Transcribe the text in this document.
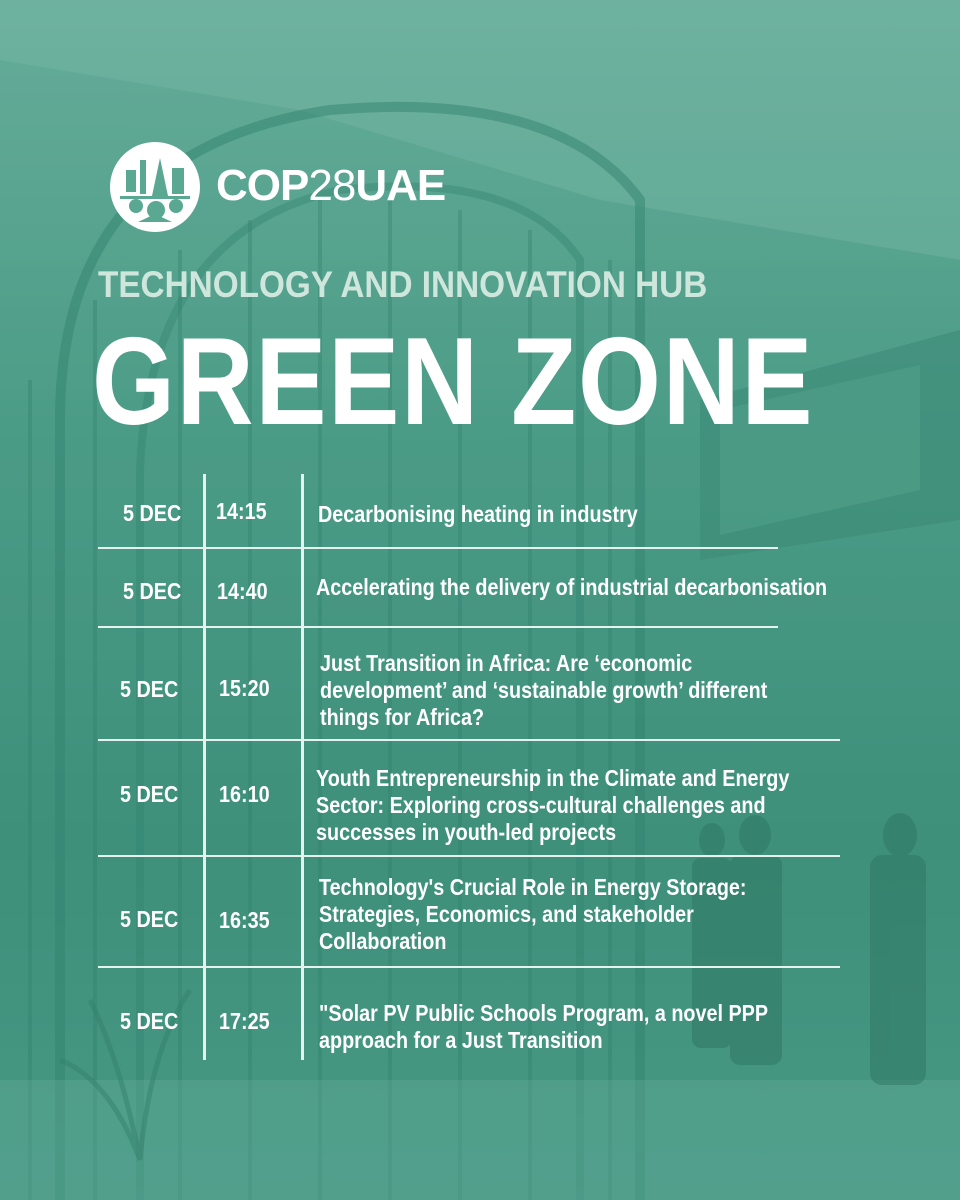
COP28UAE
TECHNOLOGY AND INNOVATION HUB
GREEN ZONE
5 DEC 14:15 Decarbonising heating in industry
5 DEC 14:40 Accelerating the delivery of industrial decarbonisation
5 DEC 15:20
Just Transition in Africa: Are ‘economic
development’ and ‘sustainable growth’ different
things for Africa?
5 DEC 16:10
Youth Entrepreneurship in the Climate and Energy
Sector: Exploring cross-cultural challenges and
successes in youth-led projects
5 DEC 16:35
Technology's Crucial Role in Energy Storage:
Strategies, Economics, and stakeholder
Collaboration
5 DEC 17:25 "Solar PV Public Schools Program, a novel PPP
approach for a Just Transition
